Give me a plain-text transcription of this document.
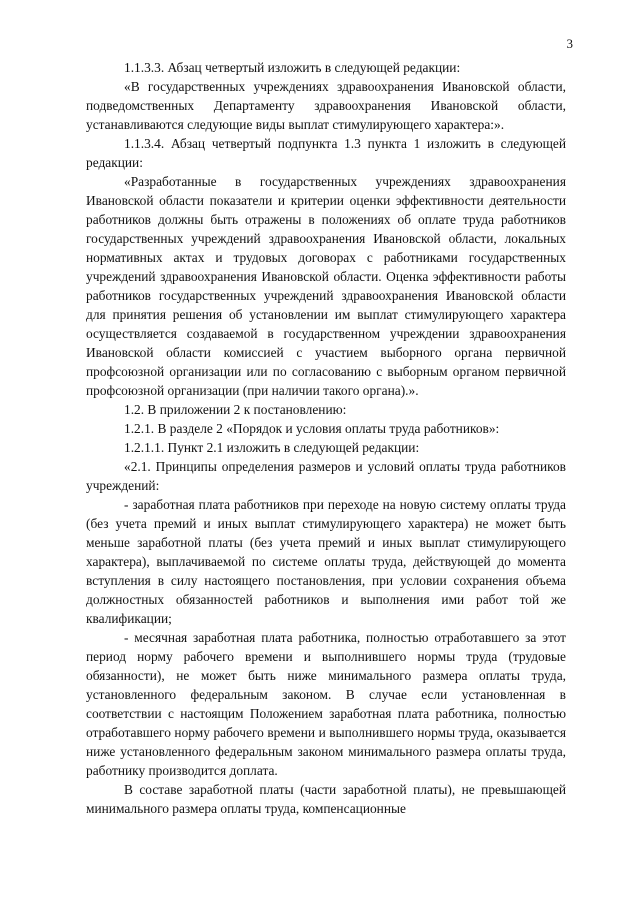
3

1.1.3.3. Абзац четвертый изложить в следующей редакции:

«В государственных учреждениях здравоохранения Ивановской области, подведомственных Департаменту здравоохранения Ивановской области, устанавливаются следующие виды выплат стимулирующего характера:».

1.1.3.4. Абзац четвертый подпункта 1.3 пункта 1 изложить в следующей редакции:

«Разработанные в государственных учреждениях здравоохранения Ивановской области показатели и критерии оценки эффективности деятельности работников должны быть отражены в положениях об оплате труда работников государственных учреждений здравоохранения Ивановской области, локальных нормативных актах и трудовых договорах с работниками государственных учреждений здравоохранения Ивановской области. Оценка эффективности работы работников государственных учреждений здравоохранения Ивановской области для принятия решения об установлении им выплат стимулирующего характера осуществляется создаваемой в государственном учреждении здравоохранения Ивановской области комиссией с участием выборного органа первичной профсоюзной организации или по согласованию с выборным органом первичной профсоюзной организации (при наличии такого органа).».

1.2. В приложении 2 к постановлению:

1.2.1. В разделе 2 «Порядок и условия оплаты труда работников»:

1.2.1.1. Пункт 2.1 изложить в следующей редакции:

«2.1. Принципы определения размеров и условий оплаты труда работников учреждений:

- заработная плата работников при переходе на новую систему оплаты труда (без учета премий и иных выплат стимулирующего характера) не может быть меньше заработной платы (без учета премий и иных выплат стимулирующего характера), выплачиваемой по системе оплаты труда, действующей до момента вступления в силу настоящего постановления, при условии сохранения объема должностных обязанностей работников и выполнения ими работ той же квалификации;

- месячная заработная плата работника, полностью отработавшего за этот период норму рабочего времени и выполнившего нормы труда (трудовые обязанности), не может быть ниже минимального размера оплаты труда, установленного федеральным законом. В случае если установленная в соответствии с настоящим Положением заработная плата работника, полностью отработавшего норму рабочего времени и выполнившего нормы труда, оказывается ниже установленного федеральным законом минимального размера оплаты труда, работнику производится доплата.

В составе заработной платы (части заработной платы), не превышающей минимального размера оплаты труда, компенсационные
